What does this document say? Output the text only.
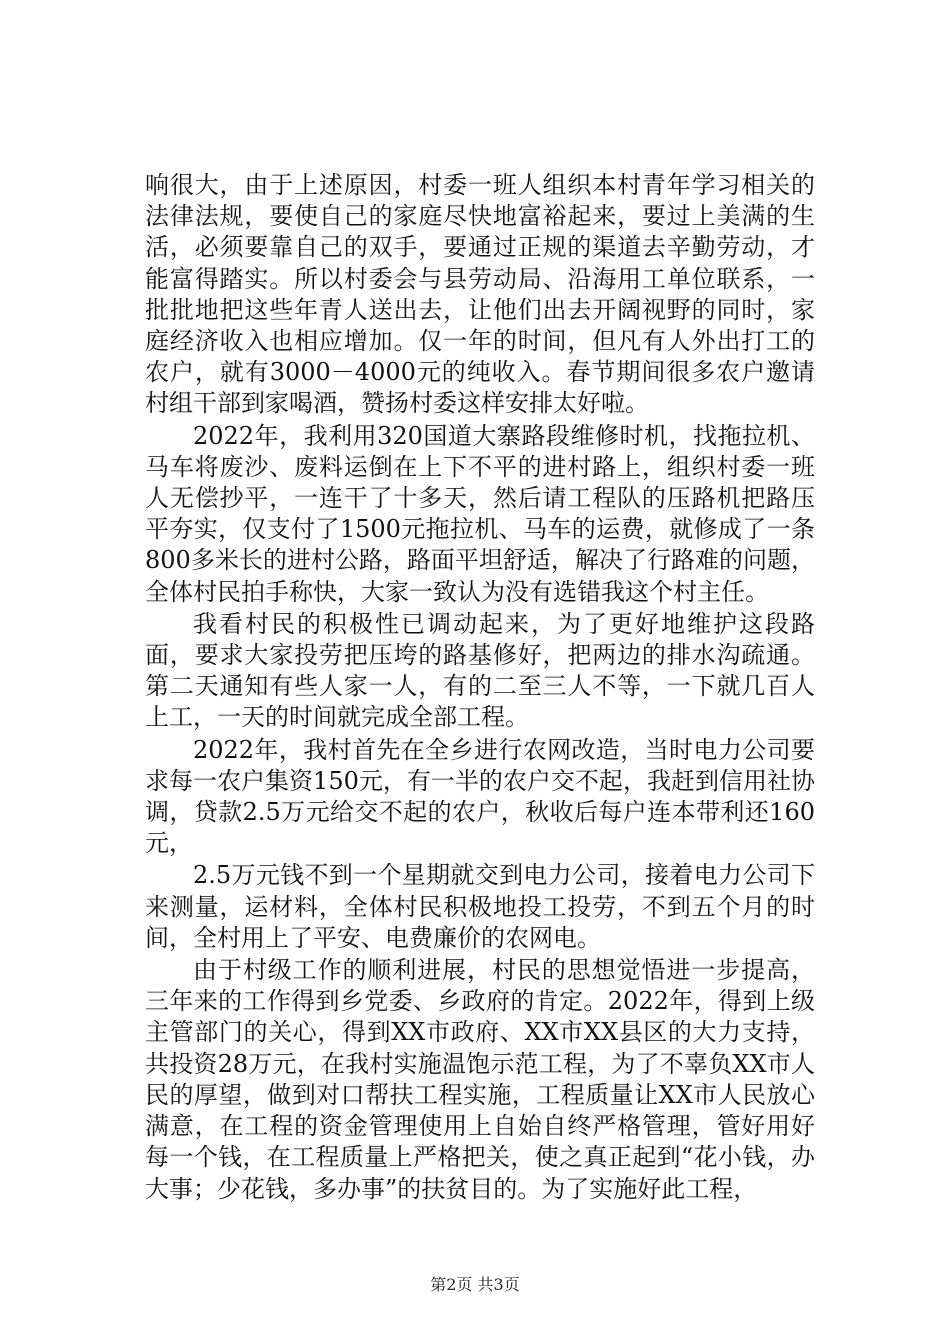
响很大，由于上述原因，村委一班人组织本村青年学习相关的法律法规，要使自己的家庭尽快地富裕起来，要过上美满的生活，必须要靠自己的双手，要通过正规的渠道去辛勤劳动，才能富得踏实。所以村委会与县劳动局、沿海用工单位联系，一批批地把这些年青人送出去，让他们出去开阔视野的同时，家庭经济收入也相应增加。仅一年的时间，但凡有人外出打工的农户，就有3000－4000元的纯收入。春节期间很多农户邀请村组干部到家喝酒，赞扬村委这样安排太好啦。

2022年，我利用320国道大寨路段维修时机，找拖拉机、马车将废沙、废料运倒在上下不平的进村路上，组织村委一班人无偿抄平，一连干了十多天，然后请工程队的压路机把路压平夯实，仅支付了1500元拖拉机、马车的运费，就修成了一条800多米长的进村公路，路面平坦舒适，解决了行路难的问题，全体村民拍手称快，大家一致认为没有选错我这个村主任。

我看村民的积极性已调动起来，为了更好地维护这段路面，要求大家投劳把压垮的路基修好，把两边的排水沟疏通。第二天通知有些人家一人，有的二至三人不等，一下就几百人上工，一天的时间就完成全部工程。

2022年，我村首先在全乡进行农网改造，当时电力公司要求每一农户集资150元，有一半的农户交不起，我赶到信用社协调，贷款2.5万元给交不起的农户，秋收后每户连本带利还160元，

2.5万元钱不到一个星期就交到电力公司，接着电力公司下来测量，运材料，全体村民积极地投工投劳，不到五个月的时间，全村用上了平安、电费廉价的农网电。

由于村级工作的顺利进展，村民的思想觉悟进一步提高，三年来的工作得到乡党委、乡政府的肯定。2022年，得到上级主管部门的关心，得到XX市政府、XX市XX县区的大力支持，共投资28万元，在我村实施温饱示范工程，为了不辜负XX市人民的厚望，做到对口帮扶工程实施，工程质量让XX市人民放心满意，在工程的资金管理使用上自始自终严格管理，管好用好每一个钱，在工程质量上严格把关，使之真正起到“花小钱，办大事；少花钱，多办事”的扶贫目的。为了实施好此工程，

第2页 共3页
